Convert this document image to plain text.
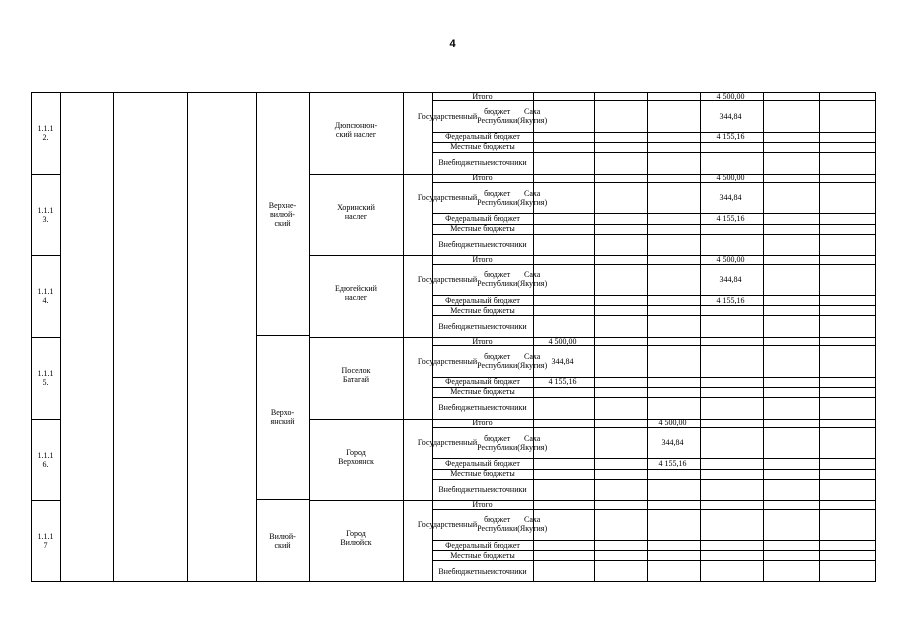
4
Итого
Государственный бюджет Республики

Саха (Якутия)
Федеральный бюджет
Местные бюджеты
Внебюджетные источники
1.1.1
2.
Дюпсюнюн-
ский наслег
4 500,00
344,84
4 155,16
Итого
Государственный бюджет Республики

Саха (Якутия)
Федеральный бюджет
Местные бюджеты
Внебюджетные источники
1.1.1
3.
Хоринский
наслег
4 500,00
344,84
4 155,16
Итого
Государственный бюджет Республики

Саха (Якутия)
Федеральный бюджет
Местные бюджеты
Внебюджетные источники
1.1.1
4.
Едюгейский
наслег
4 500,00
344,84
4 155,16
Итого
Государственный бюджет Республики

Саха (Якутия)
Федеральный бюджет
Местные бюджеты
Внебюджетные источники
1.1.1
5.
Поселок
Батагай
4 500,00
344,84
4 155,16
Итого
Государственный бюджет Республики

Саха (Якутия)
Федеральный бюджет
Местные бюджеты
Внебюджетные источники
1.1.1
6.
Город
Верхоянск
4 500,00
344,84
4 155,16
Итого
Государственный бюджет Республики

Саха (Якутия)
Федеральный бюджет
Местные бюджеты
Внебюджетные источники
1.1.1
7
Город
Вилюйск
Верхне-
вилюй-
ский
Верхо-
янский
Вилюй-
ский
